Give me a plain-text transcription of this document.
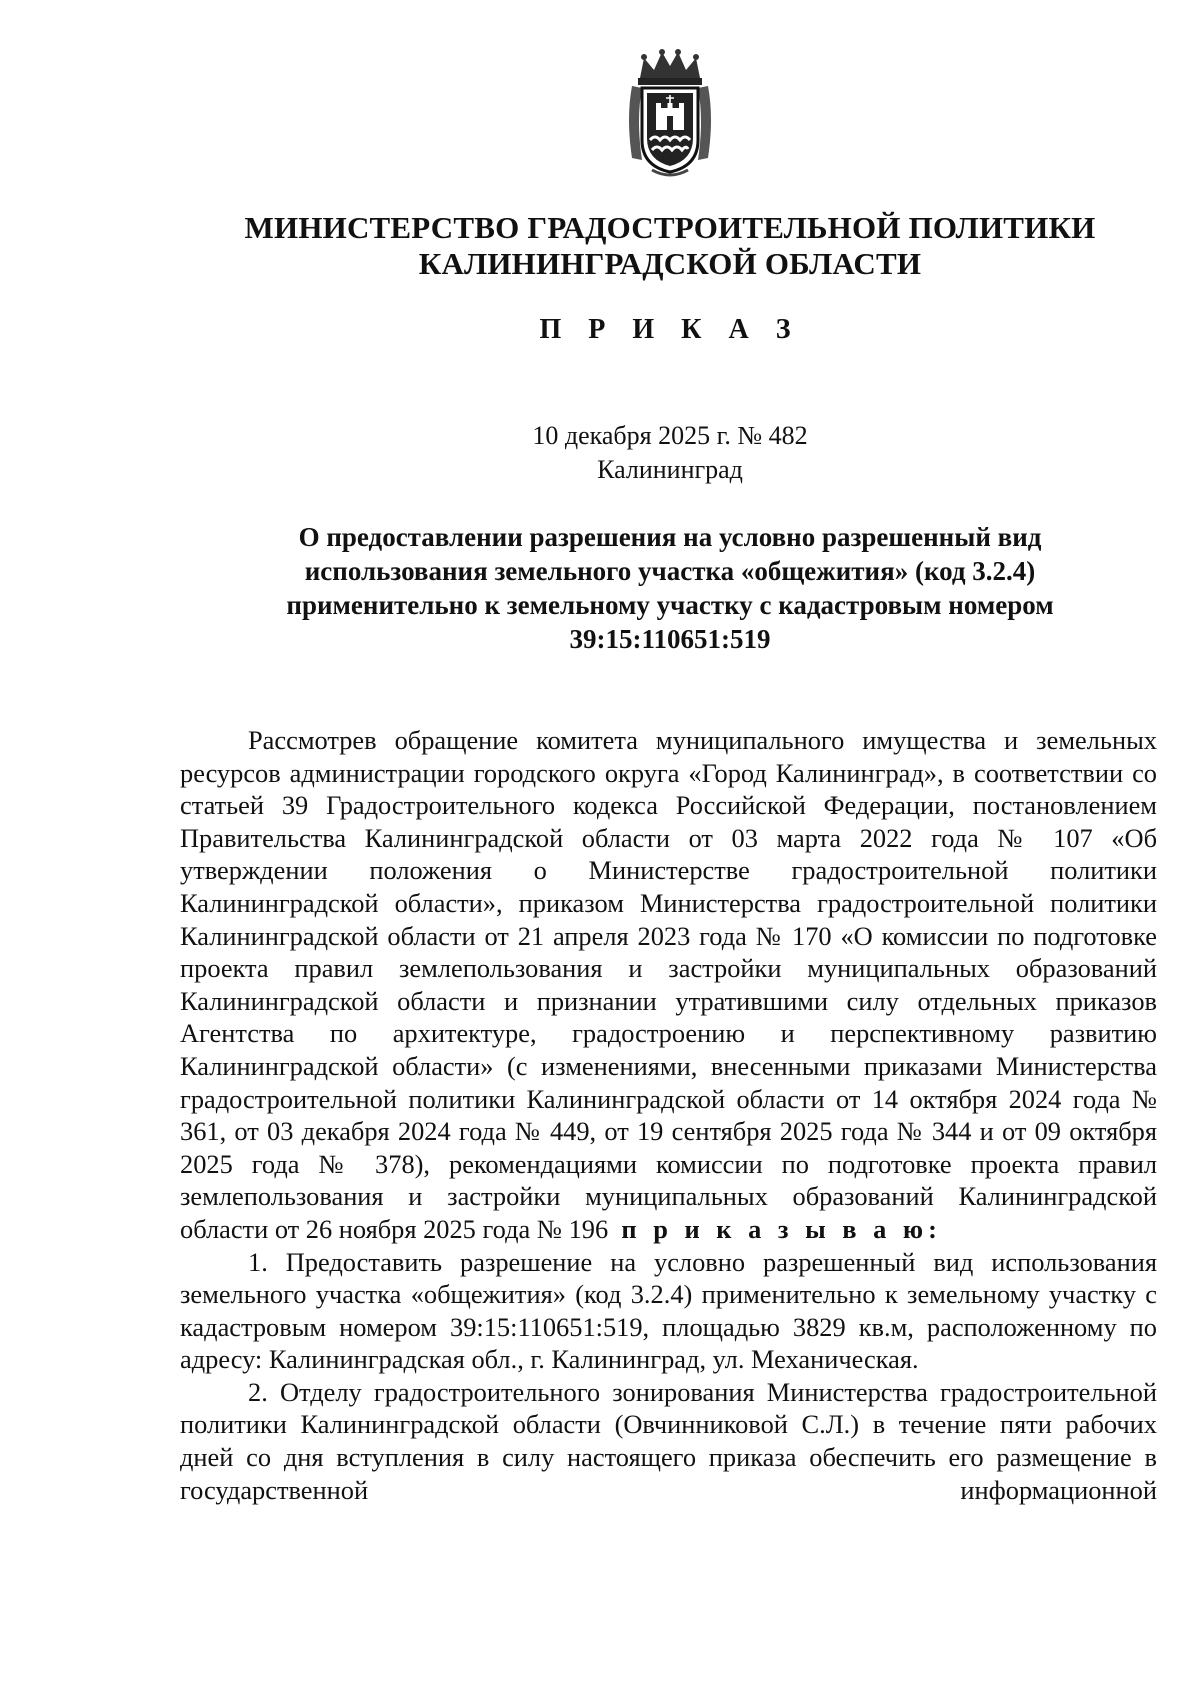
МИНИСТЕРСТВО ГРАДОСТРОИТЕЛЬНОЙ ПОЛИТИКИ
КАЛИНИНГРАДСКОЙ ОБЛАСТИ
П Р И К А З
10 декабря 2025 г. № 482
Калининград
О предоставлении разрешения на условно разрешенный вид
использования земельного участка «общежития» (код 3.2.4)
применительно к земельному участку с кадастровым номером
39:15:110651:519

Рассмотрев обращение комитета муниципального имущества и земельных ресурсов администрации городского округа «Город Калининград», в соответствии со статьей 39 Градостроительного кодекса Российской Федерации, постановлением Правительства Калининградской области от 03 марта 2022 года № 107 «Об утверждении положения о Министерстве градостроительной политики Калининградской области», приказом Министерства градостроительной политики Калининградской области от 21 апреля 2023 года № 170 «О комиссии по подготовке проекта правил землепользования и застройки муниципальных образований Калининградской области и признании утратившими силу отдельных приказов Агентства по архитектуре, градостроению и перспективному развитию Калининградской области» (с изменениями, внесенными приказами Министерства градостроительной политики Калининградской области от 14 октября 2024 года № 361, от 03 декабря 2024 года № 449, от 19 сентября 2025 года № 344 и от 09 октября 2025 года № 378), рекомендациями комиссии по подготовке проекта правил землепользования и застройки муниципальных образований Калининградской области от 26 ноября 2025 года № 196 п р и к а з ы в а ю:

1. Предоставить разрешение на условно разрешенный вид использования земельного участка «общежития» (код 3.2.4) применительно к земельному участку с кадастровым номером 39:15:110651:519, площадью 3829 кв.м, расположенному по адресу: Калининградская обл., г. Калининград, ул. Механическая.

2. Отделу градостроительного зонирования Министерства градостроительной политики Калининградской области (Овчинниковой С.Л.) в течение пяти рабочих дней со дня вступления в силу настоящего приказа обеспечить его размещение в государственной информационной
